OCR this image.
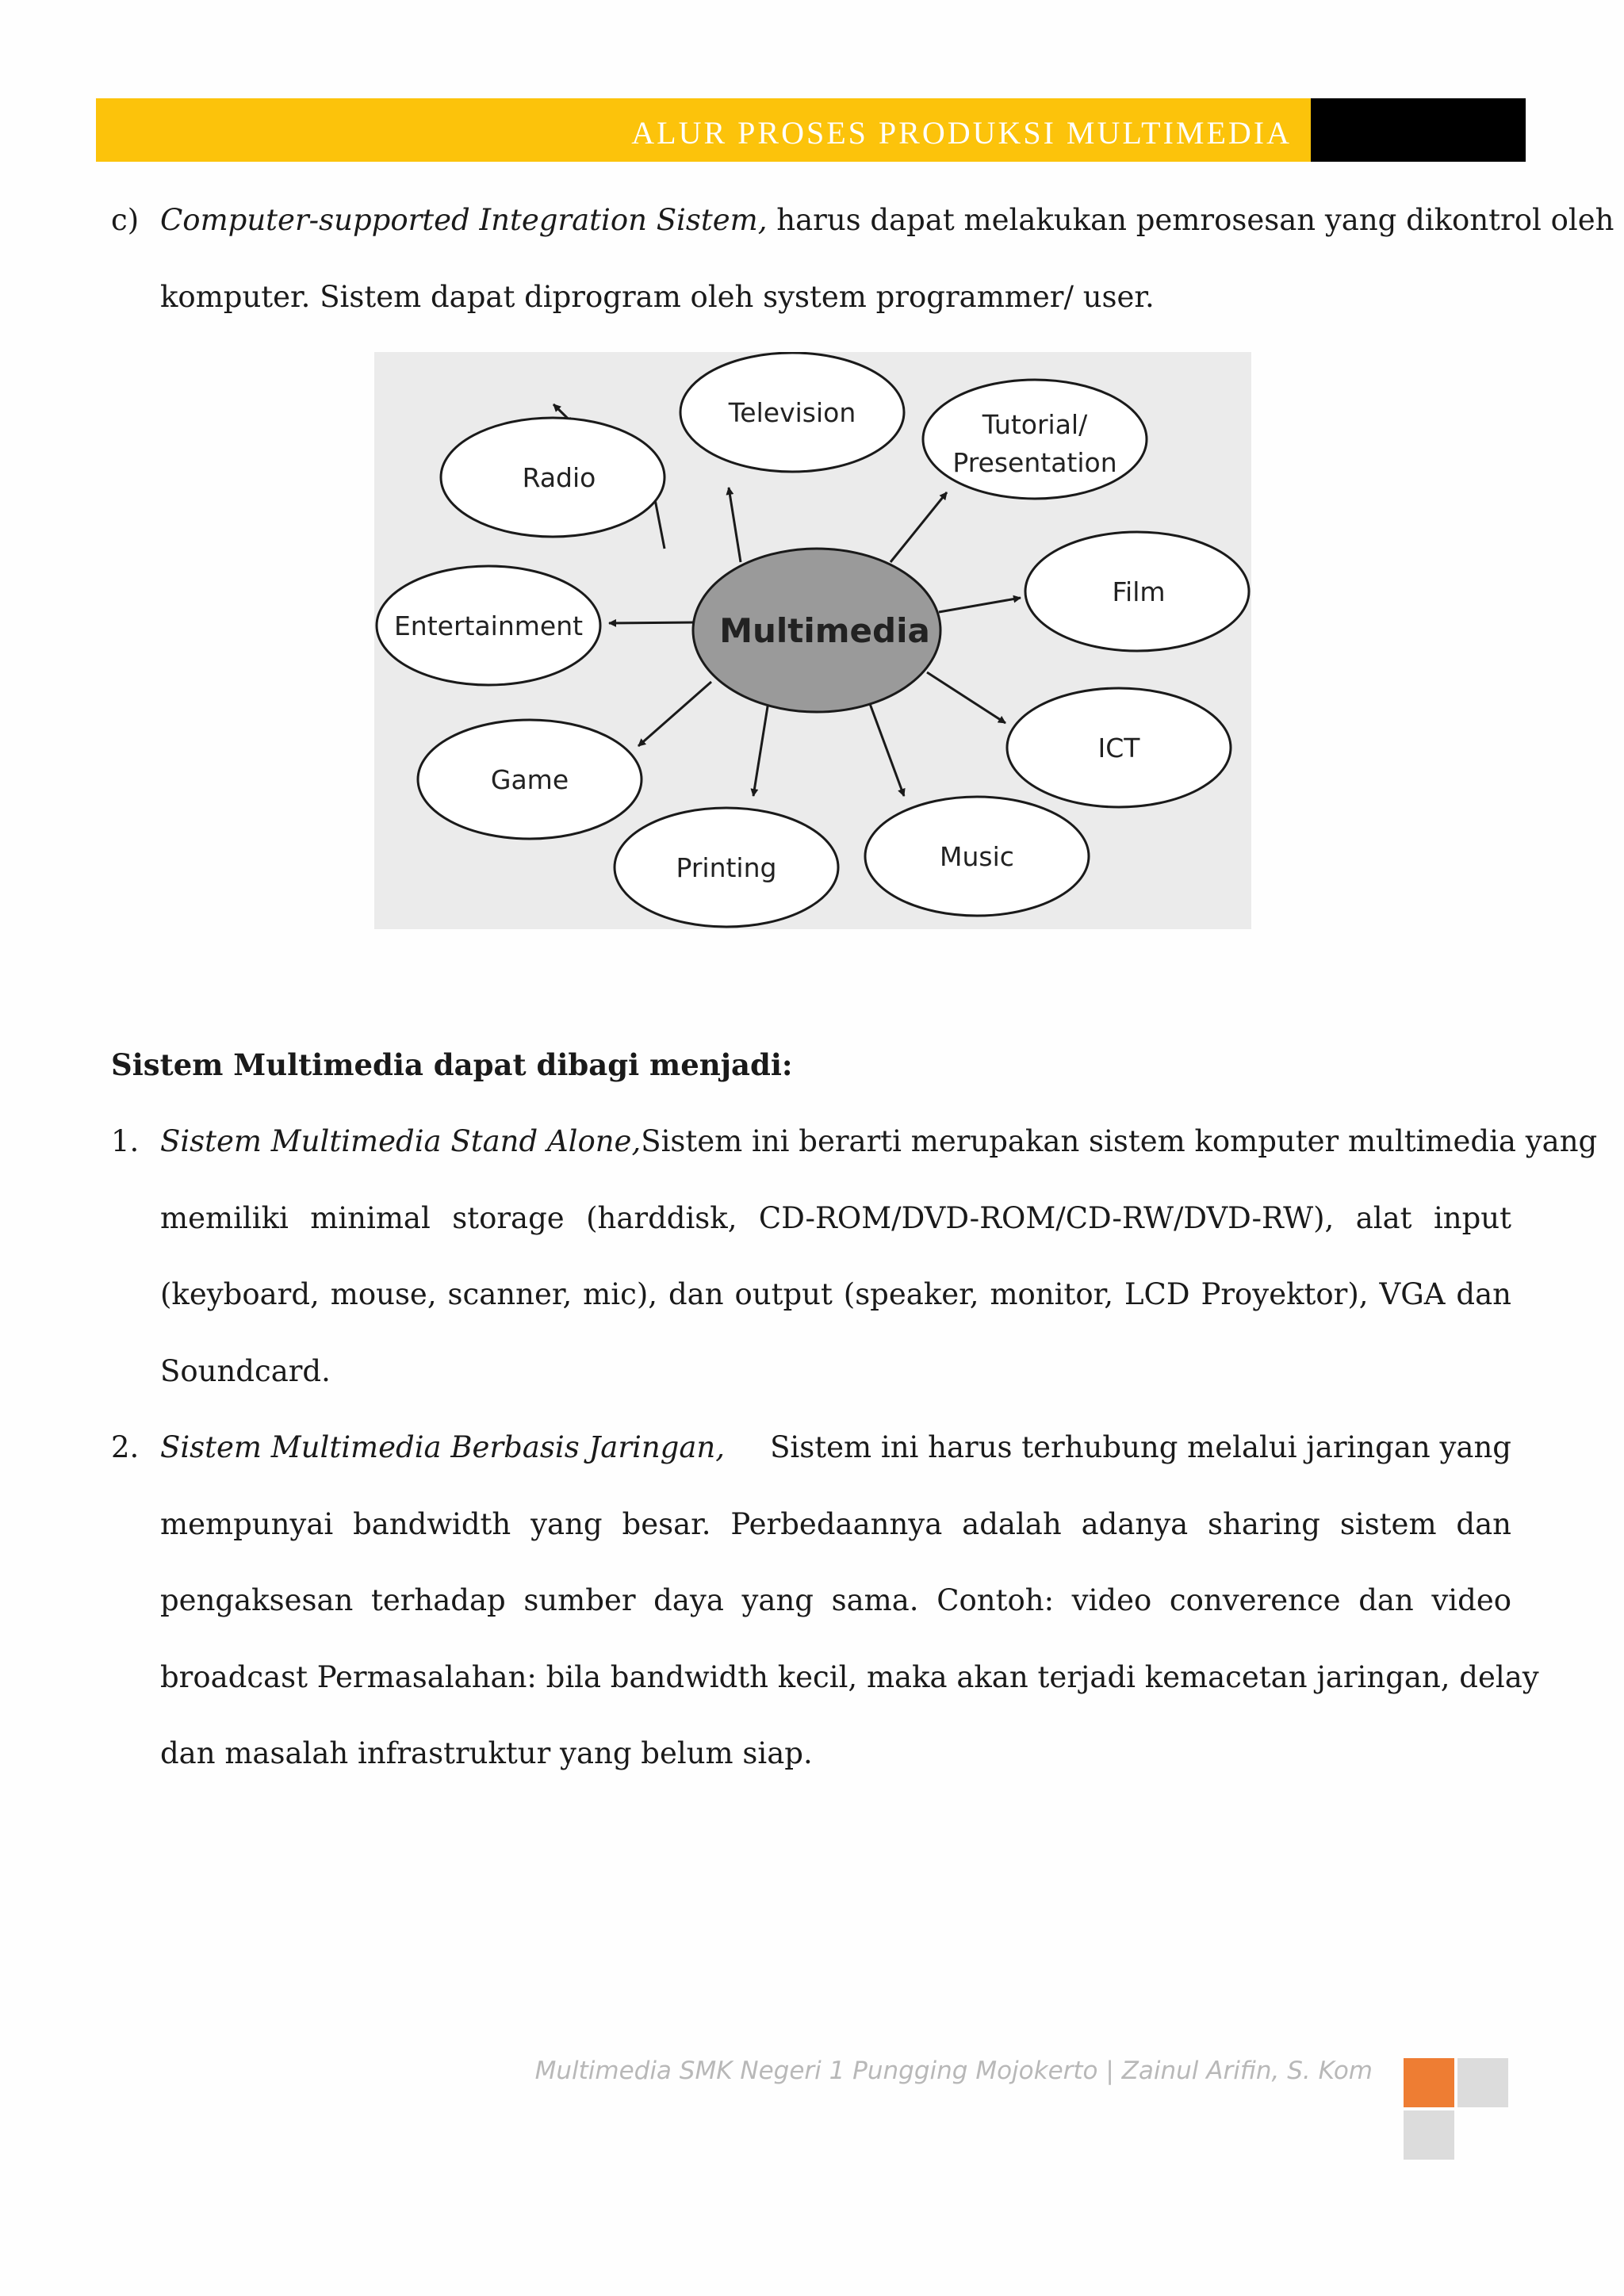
ALUR PROSES PRODUKSI MULTIMEDIA
c) Computer-supported Integration Sistem, harus dapat melakukan pemrosesan yang dikontrol oleh
komputer. Sistem dapat diprogram oleh system programmer/ user.
Radio
Television	Tutorial/
Presentation
Film
Entertainment
ICT
Game
Printing	Music
Multimedia
Sistem Multimedia dapat dibagi menjadi:
1. Sistem Multimedia Stand Alone, Sistem ini berarti merupakan sistem komputer multimedia yang
memiliki minimal storage (harddisk, CD-ROM/DVD-ROM/CD-RW/DVD-RW), alat input
(keyboard, mouse, scanner, mic), dan output (speaker, monitor, LCD Proyektor), VGA dan
Soundcard.
2. Sistem Multimedia Berbasis Jaringan, Sistem ini harus terhubung melalui jaringan yang
mempunyai bandwidth yang besar. Perbedaannya adalah adanya sharing sistem dan
pengaksesan terhadap sumber daya yang sama. Contoh: video converence dan video
broadcast Permasalahan: bila bandwidth kecil, maka akan terjadi kemacetan jaringan, delay
dan masalah infrastruktur yang belum siap.
Multimedia SMK Negeri 1 Pungging Mojokerto | Zainul Arifin, S. Kom
